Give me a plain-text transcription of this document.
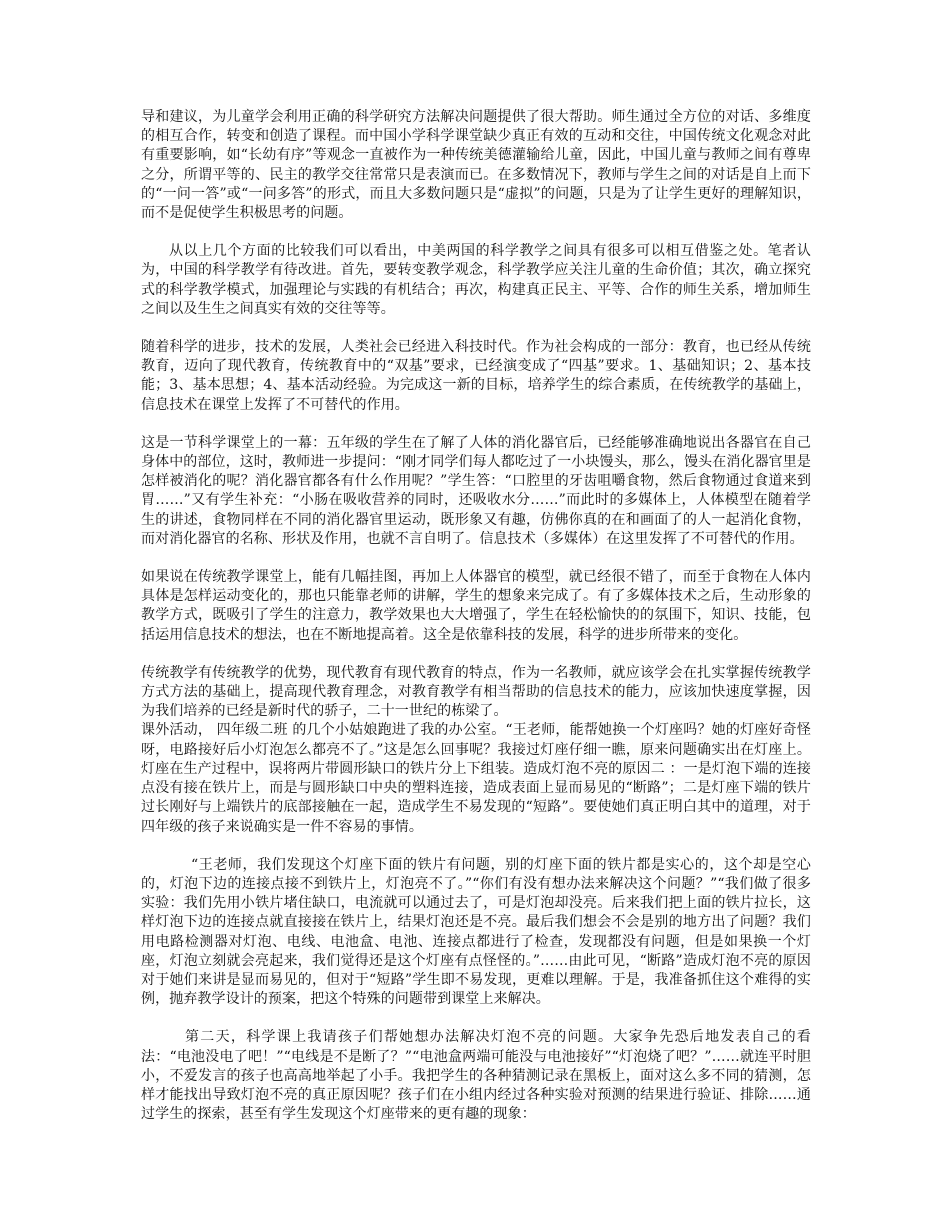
导和建议，为儿童学会利用正确的科学研究方法解决问题提供了很大帮助。师生通过全方位的对话、多维度的相互合作，转变和创造了课程。而中国小学科学课堂缺少真正有效的互动和交往，中国传统文化观念对此有重要影响，如“长幼有序”等观念一直被作为一种传统美德灌输给儿童，因此，中国儿童与教师之间有尊卑之分，所谓平等的、民主的教学交往常常只是表演而已。在多数情况下，教师与学生之间的对话是自上而下的“一问一答”或“一问多答”的形式，而且大多数问题只是“虚拟”的问题，只是为了让学生更好的理解知识，而不是促使学生积极思考的问题。

从以上几个方面的比较我们可以看出，中美两国的科学教学之间具有很多可以相互借鉴之处。笔者认为，中国的科学教学有待改进。首先，要转变教学观念，科学教学应关注儿童的生命价值；其次，确立探究式的科学教学模式，加强理论与实践的有机结合；再次，构建真正民主、平等、合作的师生关系，增加师生之间以及生生之间真实有效的交往等等。

随着科学的进步，技术的发展，人类社会已经进入科技时代。作为社会构成的一部分：教育，也已经从传统教育，迈向了现代教育，传统教育中的“双基”要求，已经演变成了“四基”要求。1、基础知识；2、基本技能；3、基本思想；4、基本活动经验。为完成这一新的目标，培养学生的综合素质，在传统教学的基础上，信息技术在课堂上发挥了不可替代的作用。

这是一节科学课堂上的一幕：五年级的学生在了解了人体的消化器官后，已经能够准确地说出各器官在自己身体中的部位，这时，教师进一步提问：“刚才同学们每人都吃过了一小块馒头，那么，馒头在消化器官里是怎样被消化的呢？消化器官都各有什么作用呢？”学生答：“口腔里的牙齿咀嚼食物，然后食物通过食道来到胃……”又有学生补充：“小肠在吸收营养的同时，还吸收水分……”而此时的多媒体上，人体模型在随着学生的讲述，食物同样在不同的消化器官里运动，既形象又有趣，仿佛你真的在和画面了的人一起消化食物，而对消化器官的名称、形状及作用，也就不言自明了。信息技术（多媒体）在这里发挥了不可替代的作用。

如果说在传统教学课堂上，能有几幅挂图，再加上人体器官的模型，就已经很不错了，而至于食物在人体内具体是怎样运动变化的，那也只能靠老师的讲解，学生的想象来完成了。有了多媒体技术之后，生动形象的教学方式，既吸引了学生的注意力，教学效果也大大增强了，学生在轻松愉快的的氛围下，知识、技能，包括运用信息技术的想法，也在不断地提高着。这全是依靠科技的发展，科学的进步所带来的变化。

传统教学有传统教学的优势，现代教育有现代教育的特点，作为一名教师，就应该学会在扎实掌握传统教学方式方法的基础上，提高现代教育理念，对教育教学有相当帮助的信息技术的能力，应该加快速度掌握，因为我们培养的已经是新时代的骄子，二十一世纪的栋梁了。

课外活动， 四年级二班 的几个小姑娘跑进了我的办公室。“王老师，能帮她换一个灯座吗？她的灯座好奇怪呀，电路接好后小灯泡怎么都亮不了。”这是怎么回事呢？我接过灯座仔细一瞧，原来问题确实出在灯座上。灯座在生产过程中，误将两片带圆形缺口的铁片分上下组装。造成灯泡不亮的原因二 ：一是灯泡下端的连接点没有接在铁片上，而是与圆形缺口中央的塑料连接，造成表面上显而易见的“断路”；二是灯座下端的铁片过长刚好与上端铁片的底部接触在一起，造成学生不易发现的“短路”。要使她们真正明白其中的道理，对于四年级的孩子来说确实是一件不容易的事情。

“王老师，我们发现这个灯座下面的铁片有问题，别的灯座下面的铁片都是实心的，这个却是空心的，灯泡下边的连接点接不到铁片上，灯泡亮不了。”“你们有没有想办法来解决这个问题？”“我们做了很多实验：我们先用小铁片堵住缺口，电流就可以通过去了，可是灯泡却没亮。后来我们把上面的铁片拉长，这样灯泡下边的连接点就直接接在铁片上，结果灯泡还是不亮。最后我们想会不会是别的地方出了问题？我们用电路检测器对灯泡、电线、电池盒、电池、连接点都进行了检查，发现都没有问题，但是如果换一个灯座，灯泡立刻就会亮起来，我们觉得还是这个灯座有点怪怪的。”……由此可见，“断路”造成灯泡不亮的原因对于她们来讲是显而易见的，但对于“短路”学生即不易发现，更难以理解。于是，我准备抓住这个难得的实例，抛弃教学设计的预案，把这个特殊的问题带到课堂上来解决。

第二天，科学课上我请孩子们帮她想办法解决灯泡不亮的问题。大家争先恐后地发表自己的看法：“电池没电了吧！”“电线是不是断了？”“电池盒两端可能没与电池接好”“灯泡烧了吧？”……就连平时胆小，不爱发言的孩子也高高地举起了小手。我把学生的各种猜测记录在黑板上，面对这么多不同的猜测，怎样才能找出导致灯泡不亮的真正原因呢？孩子们在小组内经过各种实验对预测的结果进行验证、排除……通过学生的探索，甚至有学生发现这个灯座带来的更有趣的现象：
